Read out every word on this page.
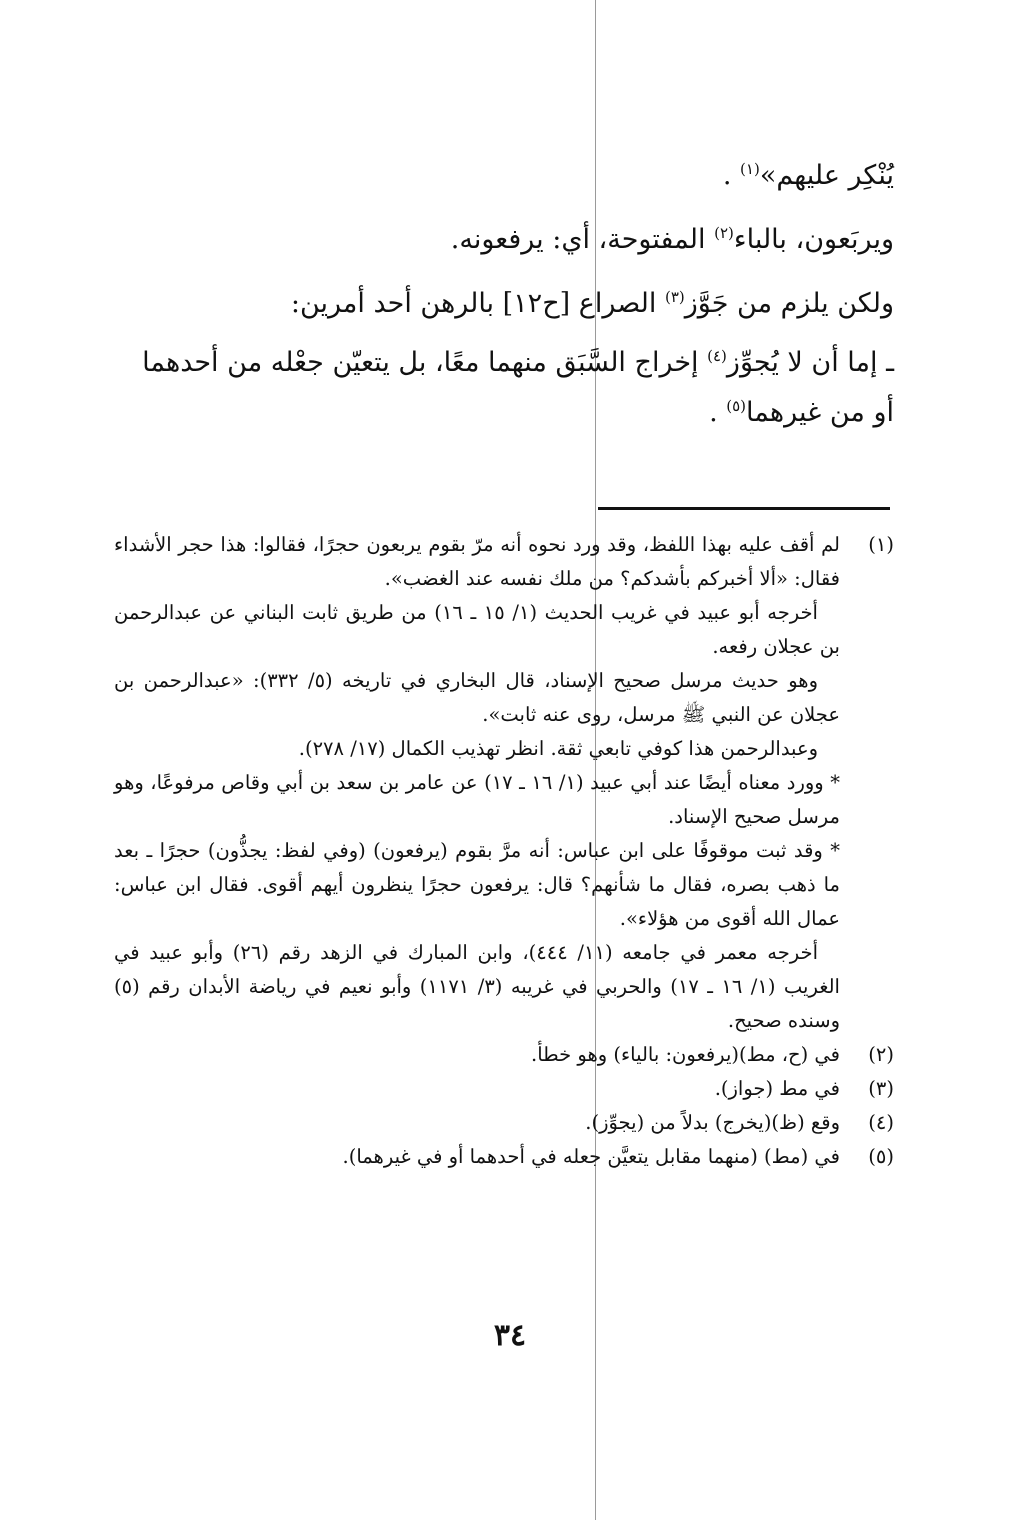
يُنْكِر عليهم»$^{(١)}$ .

ويربَعون، بالباء$^{(٢)}$ المفتوحة، أي: يرفعونه.

ولكن يلزم من جَوَّز$^{(٣)}$ الصراع [ح١٢] بالرهن أحد أمرين:

ـ إما أن لا يُجوِّز$^{(٤)}$ إخراج السَّبَق منهما معًا، بل يتعيّن جعْله من أحدهما أو من غيرهما$^{(٥)}$ .

(١)

لم أقف عليه بهذا اللفظ، وقد ورد نحوه أنه مرّ بقوم يربعون حجرًا، فقالوا: هذا حجر الأشداء فقال: «ألا أخبركم بأشدكم؟ من ملك نفسه عند الغضب».

أخرجه أبو عبيد في غريب الحديث (١/ ١٥ ـ ١٦) من طريق ثابت البناني عن عبدالرحمن بن عجلان رفعه.

وهو حديث مرسل صحيح الإسناد، قال البخاري في تاريخه (٥/ ٣٣٢): «عبدالرحمن بن عجلان عن النبي ﷺ مرسل، روى عنه ثابت».

وعبدالرحمن هذا كوفي تابعي ثقة. انظر تهذيب الكمال (١٧/ ٢٧٨).

* وورد معناه أيضًا عند أبي عبيد (١/ ١٦ ـ ١٧) عن عامر بن سعد بن أبي وقاص مرفوعًا، وهو مرسل صحيح الإسناد.

* وقد ثبت موقوفًا على ابن عباس: أنه مرَّ بقوم (يرفعون) (وفي لفظ: يجذُّون) حجرًا ـ بعد ما ذهب بصره، فقال ما شأنهم؟ قال: يرفعون حجرًا ينظرون أيهم أقوى. فقال ابن عباس: عمال الله أقوى من هؤلاء».

أخرجه معمر في جامعه (١١/ ٤٤٤)، وابن المبارك في الزهد رقم (٢٦) وأبو عبيد في الغريب (١/ ١٦ ـ ١٧) والحربي في غريبه (٣/ ١١٧١) وأبو نعيم في رياضة الأبدان رقم (٥) وسنده صحيح.

(٢)

في (ح، مط)(يرفعون: بالياء) وهو خطأ.

(٣)

في مط (جواز).

(٤)

وقع (ظ)(يخرج) بدلاً من (يجوِّز).

(٥)

في (مط) (منهما مقابل يتعيَّن جعله في أحدهما أو في غيرهما).

٣٤
